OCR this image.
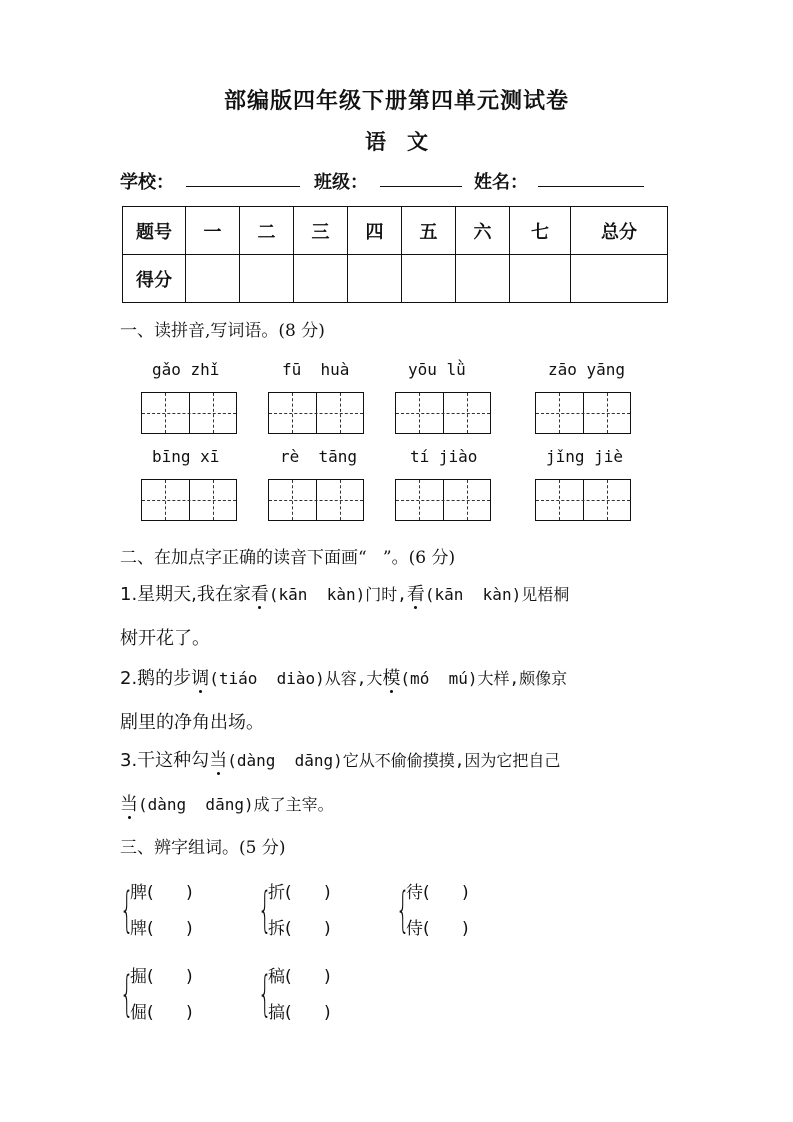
部编版四年级下册第四单元测试卷
语　文
学校：	班级：	姓名：
题号	一	二	三	四	五	六	七	总分
得分								
一、读拼音,写词语。(8 分)
gǎo zhǐ	fū  huà	yōu lǜ	zāo yāng
bīng xī	rè  tāng	tí jiào	jǐng jiè
二、在加点字正确的读音下面画“   ”。(6 分)
1.星期天,我在家看(kān  kàn)门时,看(kān  kàn)见梧桐
树开花了。
2.鹅的步调(tiáo  diào)从容,大模(mó  mú)大样,颇像京
剧里的净角出场。
3.干这种勾当(dàng  dāng)它从不偷偷摸摸,因为它把自己
当(dàng  dāng)成了主宰。
三、辨字组词。(5 分)
{
脾(      )
牌(      ) {
折(      )
拆(      ) {
待(      )
侍(      )
{
掘(      )
倔(      ) {
稿(      )
搞(      )
